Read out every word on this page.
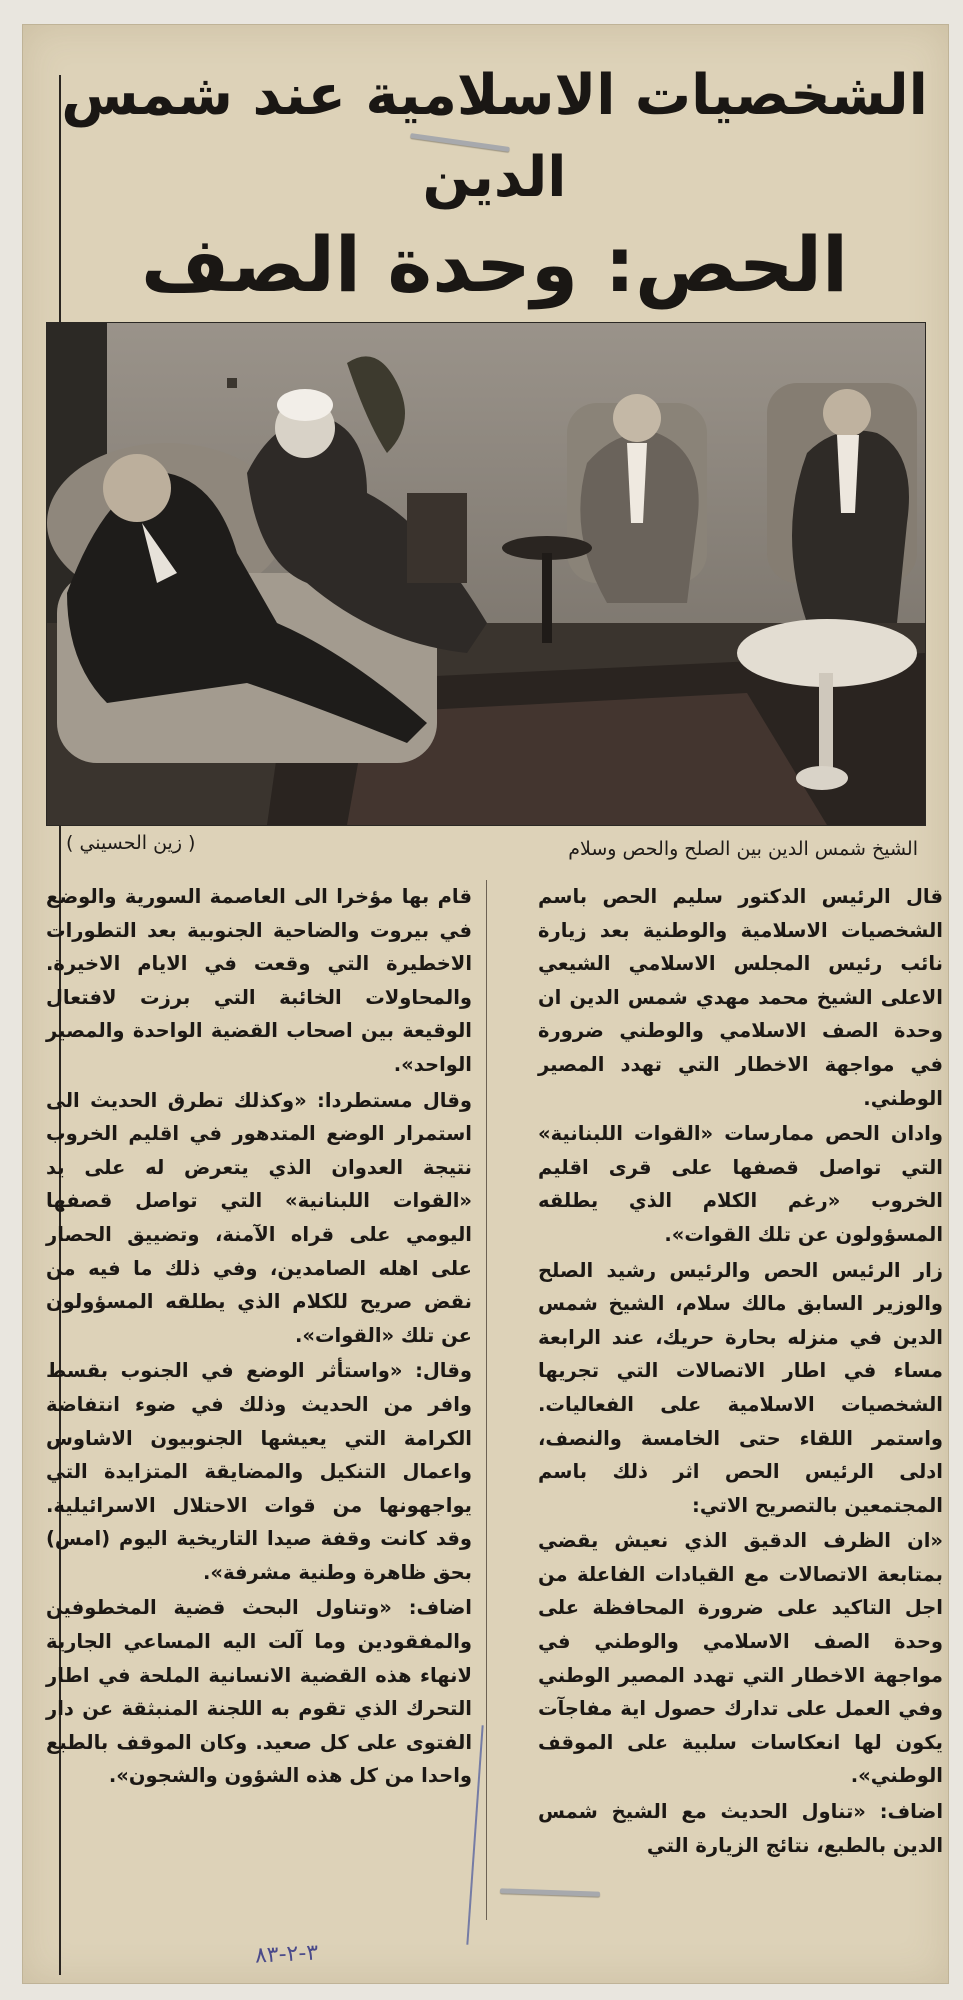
الشخصيات الاسلامية عند شمس الدين
الحص: وحدة الصف
الشيخ شمس الدين بين الصلح والحص وسلام
( زين الحسيني )

قال الرئيس الدكتور سليم الحص باسم الشخصيات الاسلامية والوطنية بعد زيارة نائب رئيس المجلس الاسلامي الشيعي الاعلى الشيخ محمد مهدي شمس الدين ان وحدة الصف الاسلامي والوطني ضرورة في مواجهة الاخطار التي تهدد المصير الوطني.

وادان الحص ممارسات «القوات اللبنانية» التي تواصل قصفها على قرى اقليم الخروب «رغم الكلام الذي يطلقه المسؤولون عن تلك القوات».

زار الرئيس الحص والرئيس رشيد الصلح والوزير السابق مالك سلام، الشيخ شمس الدين في منزله بحارة حريك، عند الرابعة مساء في اطار الاتصالات التي تجريها الشخصيات الاسلامية على الفعاليات. واستمر اللقاء حتى الخامسة والنصف، ادلى الرئيس الحص اثر ذلك باسم المجتمعين بالتصريح الاتي:

«ان الظرف الدقيق الذي نعيش يقضي بمتابعة الاتصالات مع القيادات الفاعلة من اجل التاكيد على ضرورة المحافظة على وحدة الصف الاسلامي والوطني في مواجهة الاخطار التي تهدد المصير الوطني وفي العمل على تدارك حصول اية مفاجآت يكون لها انعكاسات سلبية على الموقف الوطني».

اضاف: «تناول الحديث مع الشيخ شمس الدين بالطبع، نتائج الزيارة التي

قام بها مؤخرا الى العاصمة السورية والوضع في بيروت والضاحية الجنوبية بعد التطورات الاخطيرة التي وقعت في الايام الاخيرة. والمحاولات الخائبة التي برزت لافتعال الوقيعة بين اصحاب القضية الواحدة والمصير الواحد».

وقال مستطردا: «وكذلك تطرق الحديث الى استمرار الوضع المتدهور في اقليم الخروب نتيجة العدوان الذي يتعرض له على يد «القوات اللبنانية» التي تواصل قصفها اليومي على قراه الآمنة، وتضييق الحصار على اهله الصامدين، وفي ذلك ما فيه من نقض صريح للكلام الذي يطلقه المسؤولون عن تلك «القوات».

وقال: «واستأثر الوضع في الجنوب بقسط وافر من الحديث وذلك في ضوء انتفاضة الكرامة التي يعيشها الجنوبيون الاشاوس واعمال التنكيل والمضايقة المتزايدة التي يواجهونها من قوات الاحتلال الاسرائيلية. وقد كانت وقفة صيدا التاريخية اليوم (امس) بحق ظاهرة وطنية مشرفة».

اضاف: «وتناول البحث قضية المخطوفين والمفقودين وما آلت اليه المساعي الجارية لانهاء هذه القضية الانسانية الملحة في اطار التحرك الذي تقوم به اللجنة المنبثقة عن دار الفتوى على كل صعيد. وكان الموقف بالطبع واحدا من كل هذه الشؤون والشجون».

٣-٢-٨٣
